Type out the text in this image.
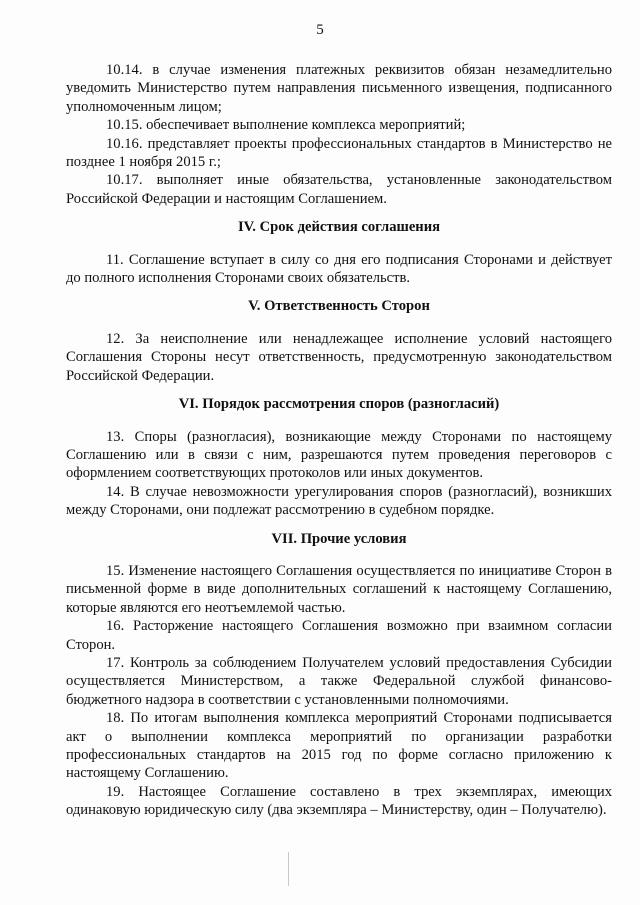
5

10.14. в случае изменения платежных реквизитов обязан незамедлительно уведомить Министерство путем направления письменного извещения, подписанного уполномоченным лицом;

10.15. обеспечивает выполнение комплекса мероприятий;

10.16. представляет проекты профессиональных стандартов в Министерство не позднее 1 ноября 2015 г.;

10.17. выполняет иные обязательства, установленные законодательством Российской Федерации и настоящим Соглашением.

IV. Срок действия соглашения

11. Соглашение вступает в силу со дня его подписания Сторонами и действует до полного исполнения Сторонами своих обязательств.

V. Ответственность Сторон

12. За неисполнение или ненадлежащее исполнение условий настоящего Соглашения Стороны несут ответственность, предусмотренную законодательством Российской Федерации.

VI. Порядок рассмотрения споров (разногласий)

13. Споры (разногласия), возникающие между Сторонами по настоящему Соглашению или в связи с ним, разрешаются путем проведения переговоров с оформлением соответствующих протоколов или иных документов.

14. В случае невозможности урегулирования споров (разногласий), возникших между Сторонами, они подлежат рассмотрению в судебном порядке.

VII. Прочие условия

15. Изменение настоящего Соглашения осуществляется по инициативе Сторон в письменной форме в виде дополнительных соглашений к настоящему Соглашению, которые являются его неотъемлемой частью.

16. Расторжение настоящего Соглашения возможно при взаимном согласии Сторон.

17. Контроль за соблюдением Получателем условий предоставления Субсидии осуществляется Министерством, а также Федеральной службой финансово-бюджетного надзора в соответствии с установленными полномочиями.

18. По итогам выполнения комплекса мероприятий Сторонами подписывается акт о выполнении комплекса мероприятий по организации разработки профессиональных стандартов на 2015 год по форме согласно приложению к настоящему Соглашению.

19. Настоящее Соглашение составлено в трех экземплярах, имеющих одинаковую юридическую силу (два экземпляра – Министерству, один – Получателю).
